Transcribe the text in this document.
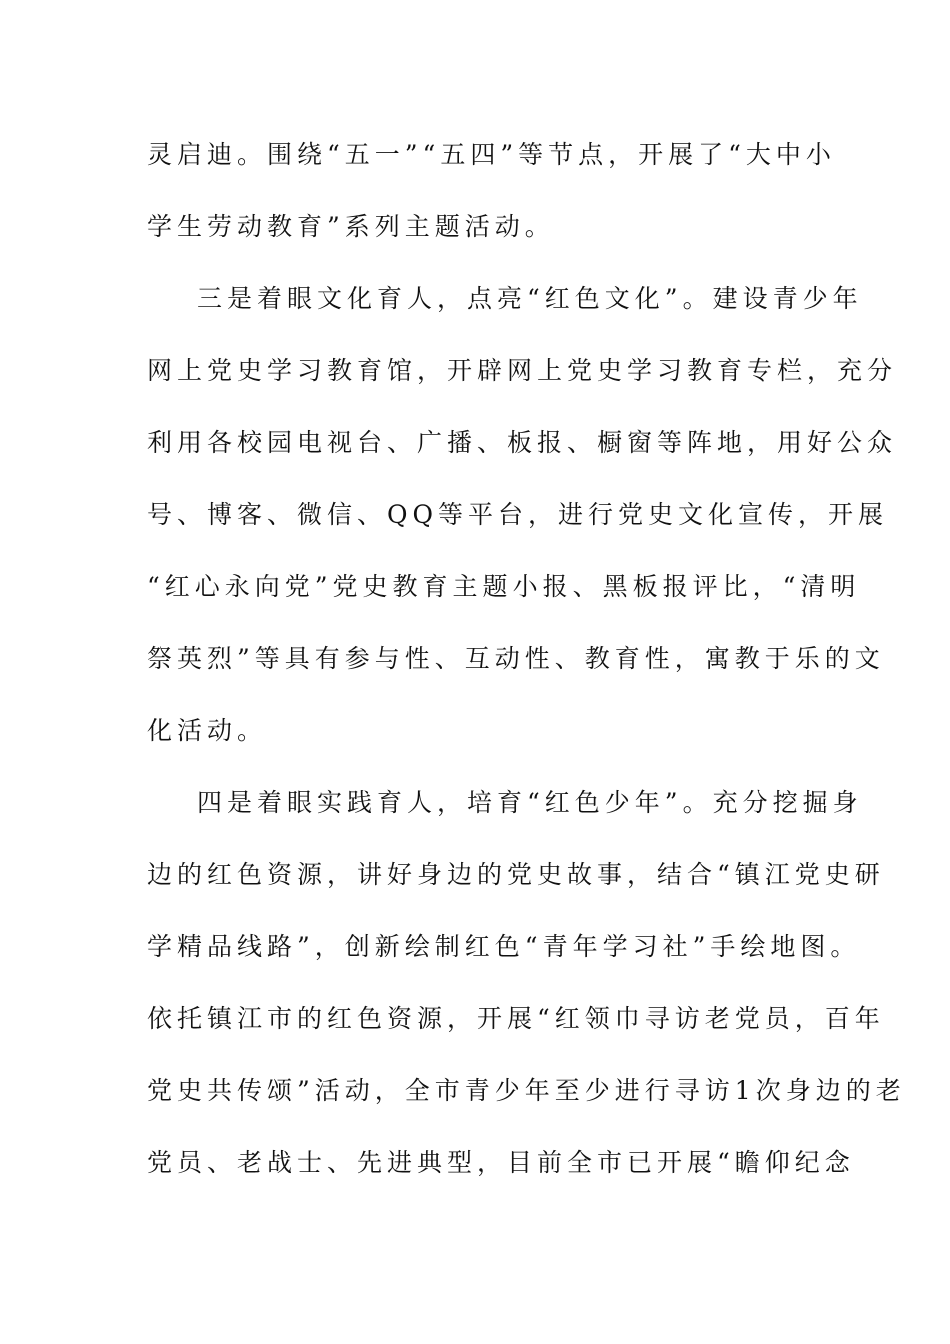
灵启迪。围绕“五一”“五四”等节点，开展了“大中小
学生劳动教育”系列主题活动。
三是着眼文化育人，点亮“红色文化”。建设青少年
网上党史学习教育馆，开辟网上党史学习教育专栏，充分
利用各校园电视台、广播、板报、橱窗等阵地，用好公众
号、博客、微信、QQ等平台，进行党史文化宣传，开展
“红心永向党”党史教育主题小报、黑板报评比，“清明
祭英烈”等具有参与性、互动性、教育性，寓教于乐的文
化活动。
四是着眼实践育人，培育“红色少年”。充分挖掘身
边的红色资源，讲好身边的党史故事，结合“镇江党史研
学精品线路”，创新绘制红色“青年学习社”手绘地图。
依托镇江市的红色资源，开展“红领巾寻访老党员，百年
党史共传颂”活动，全市青少年至少进行寻访1次身边的老
党员、老战士、先进典型，目前全市已开展“瞻仰纪念
